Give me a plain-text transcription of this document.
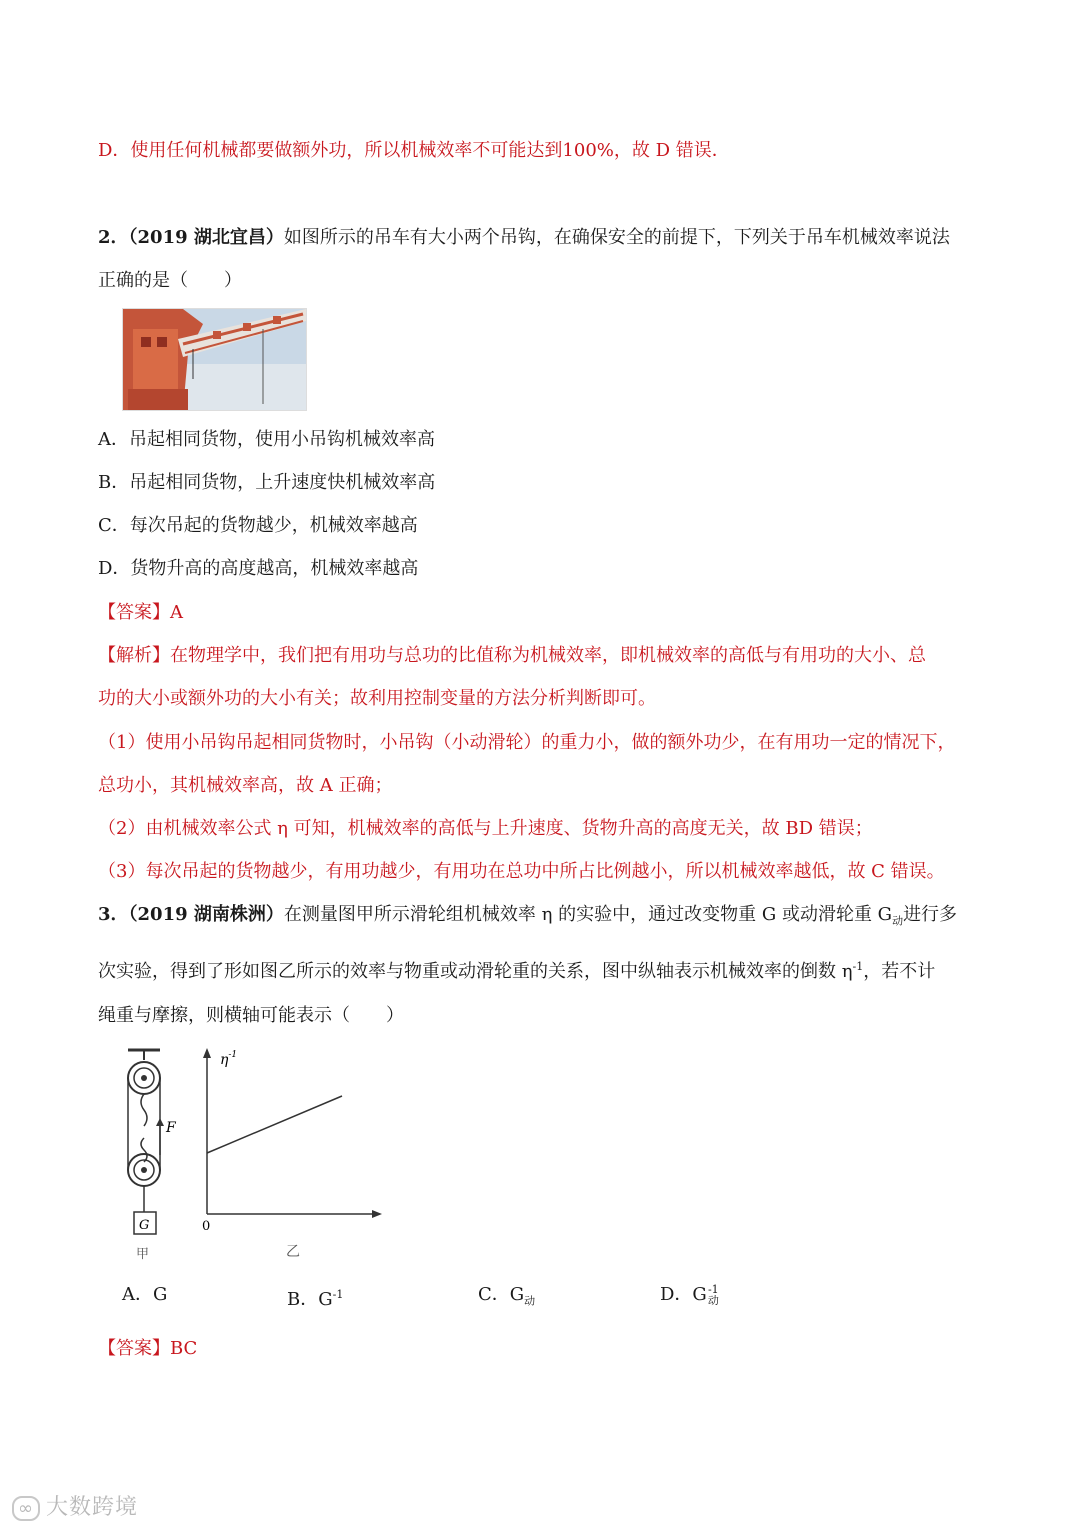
D．使用任何机械都要做额外功，所以机械效率不可能达到100%，故 D 错误．
2．（2019 湖北宜昌）如图所示的吊车有大小两个吊钩，在确保安全的前提下，下列关于吊车机械效率说法
正确的是（　　）
A．吊起相同货物，使用小吊钩机械效率高
B．吊起相同货物，上升速度快机械效率高
C．每次吊起的货物越少，机械效率越高
D．货物升高的高度越高，机械效率越高
【答案】A
【解析】在物理学中，我们把有用功与总功的比值称为机械效率，即机械效率的高低与有用功的大小、总
功的大小或额外功的大小有关；故利用控制变量的方法分析判断即可。
（1）使用小吊钩吊起相同货物时，小吊钩（小动滑轮）的重力小，做的额外功少，在有用功一定的情况下，
总功小，其机械效率高，故 A 正确；
（2）由机械效率公式 η 可知，机械效率的高低与上升速度、货物升高的高度无关，故 BD 错误；
（3）每次吊起的货物越少，有用功越少，有用功在总功中所占比例越小，所以机械效率越低，故 C 错误。
3．（2019 湖南株洲）在测量图甲所示滑轮组机械效率 η 的实验中，通过改变物重 G 或动滑轮重 $G_动$进行多
次实验，得到了形如图乙所示的效率与物重或动滑轮重的关系，图中纵轴表示机械效率的倒数 $\eta^{-1}$，若不计
绳重与摩擦，则横轴可能表示（　　）
F
G
甲
$\eta^{-1}$
0
乙
A．G	B．$G^{-1}$	C．$G_动$	D．G -1
动
【答案】BC
∞ 大数跨境
